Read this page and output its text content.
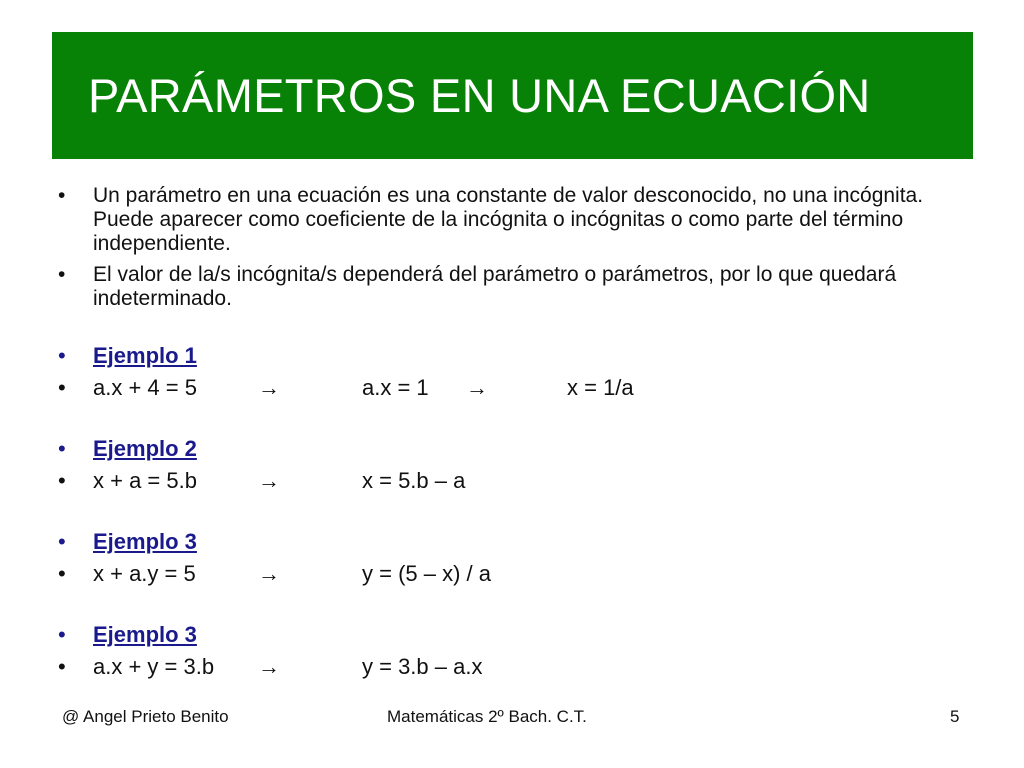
PARÁMETROS EN UNA ECUACIÓN
• Un parámetro en una ecuación es una constante de valor desconocido, no una incógnita. Puede aparecer como coeficiente de la incógnita o incógnitas o como parte del término independiente.
• El valor de la/s incógnita/s dependerá del parámetro o parámetros, por lo que quedará indeterminado.
• Ejemplo 1
• a.x + 4 = 5	→	a.x = 1 →	x = 1/a
• Ejemplo 2
• x + a = 5.b	→	x = 5.b – a
• Ejemplo 3
• x + a.y = 5	→	y = (5 – x) / a
• Ejemplo 3
• a.x + y = 3.b →	y = 3.b – a.x
@ Angel Prieto Benito	Matemáticas 2º Bach. C.T.	5
